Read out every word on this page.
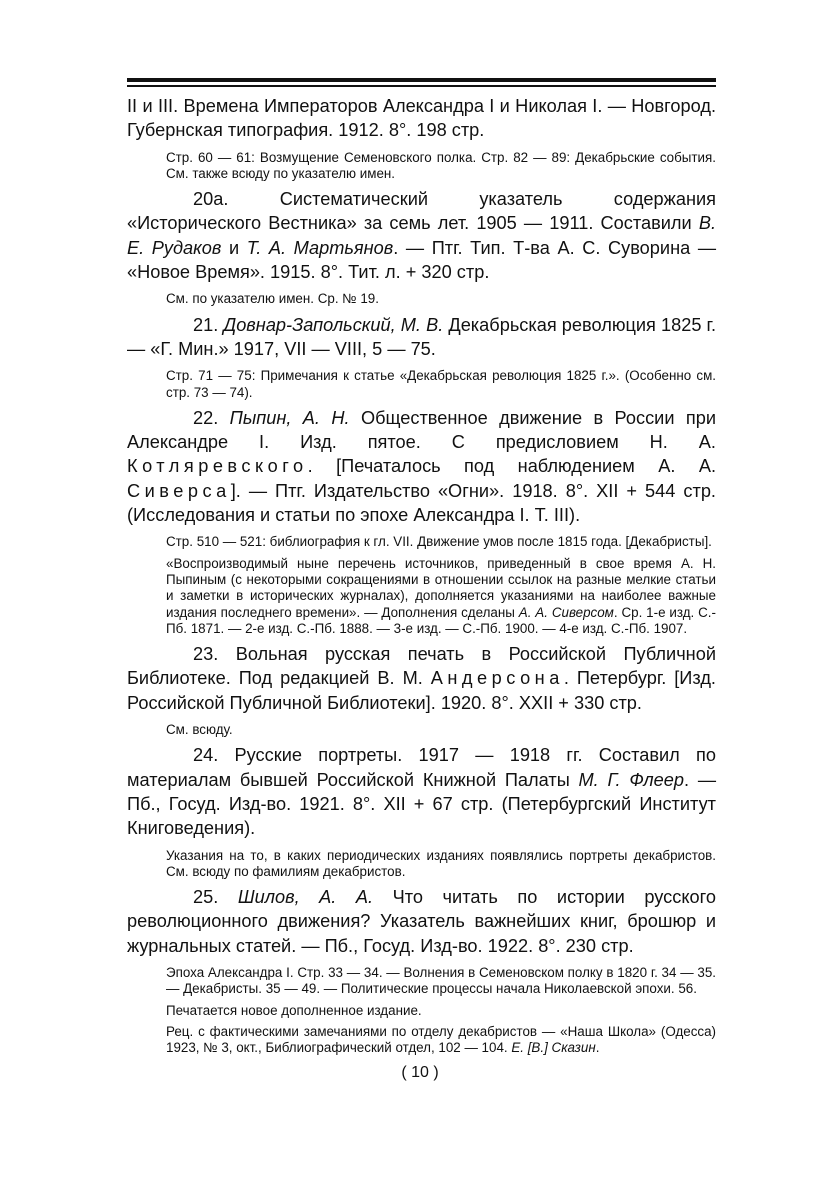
II и III. Времена Императоров Александра I и Николая I. — Новгород. Губернская типография. 1912. 8°. 198 стр.

Стр. 60 — 61: Возмущение Семеновского полка. Стр. 82 — 89: Декабрьские события. См. также всюду по указателю имен.

20а. Систематический указатель содержания «Исторического Вестника» за семь лет. 1905 — 1911. Составили В. Е. Рудаков и Т. А. Мартьянов. — Птг. Тип. Т-ва А. С. Суворина — «Новое Время». 1915. 8°. Тит. л. + 320 стр.

См. по указателю имен. Ср. № 19.

21. Довнар-Запольский, М. В. Декабрьская революция 1825 г. — «Г. Мин.» 1917, VII — VIII, 5 — 75.

Стр. 71 — 75: Примечания к статье «Декабрьская революция 1825 г.». (Особенно см. стр. 73 — 74).

22. Пыпин, А. Н. Общественное движение в России при Александре I. Изд. пятое. С предисловием Н. А. Котляревского. [Печаталось под наблюдением А. А. Сиверса]. — Птг. Издательство «Огни». 1918. 8°. XII + 544 стр. (Исследования и статьи по эпохе Александра I. Т. III).

Стр. 510 — 521: библиография к гл. VII. Движение умов после 1815 года. [Декабристы].

«Воспроизводимый ныне перечень источников, приведенный в свое время А. Н. Пыпиным (с некоторыми сокращениями в отношении ссылок на разные мелкие статьи и заметки в исторических журналах), дополняется указаниями на наиболее важные издания последнего времени». — Дополнения сделаны А. А. Сиверсом. Ср. 1-е изд. С.-Пб. 1871. — 2-е изд. С.-Пб. 1888. — 3-е изд. — С.-Пб. 1900. — 4-е изд. С.-Пб. 1907.

23. Вольная русская печать в Российской Публичной Библиотеке. Под редакцией В. М. Андерсона. Петербург. [Изд. Российской Публичной Библиотеки]. 1920. 8°. XXII + 330 стр.

См. всюду.

24. Русские портреты. 1917 — 1918 гг. Составил по материалам бывшей Российской Книжной Палаты М. Г. Флеер. — Пб., Госуд. Изд-во. 1921. 8°. XII + 67 стр. (Петербургский Институт Книговедения).

Указания на то, в каких периодических изданиях появлялись портреты декабристов. См. всюду по фамилиям декабристов.

25. Шилов, А. А. Что читать по истории русского революционного движения? Указатель важнейших книг, брошюр и журнальных статей. — Пб., Госуд. Изд-во. 1922. 8°. 230 стр.

Эпоха Александра I. Стр. 33 — 34. — Волнения в Семеновском полку в 1820 г. 34 — 35. — Декабристы. 35 — 49. — Политические процессы начала Николаевской эпохи. 56.

Печатается новое дополненное издание.

Рец. с фактическими замечаниями по отделу декабристов — «Наша Школа» (Одесса) 1923, № 3, окт., Библиографический отдел, 102 — 104. Е. [В.] Сказин.

( 10 )
